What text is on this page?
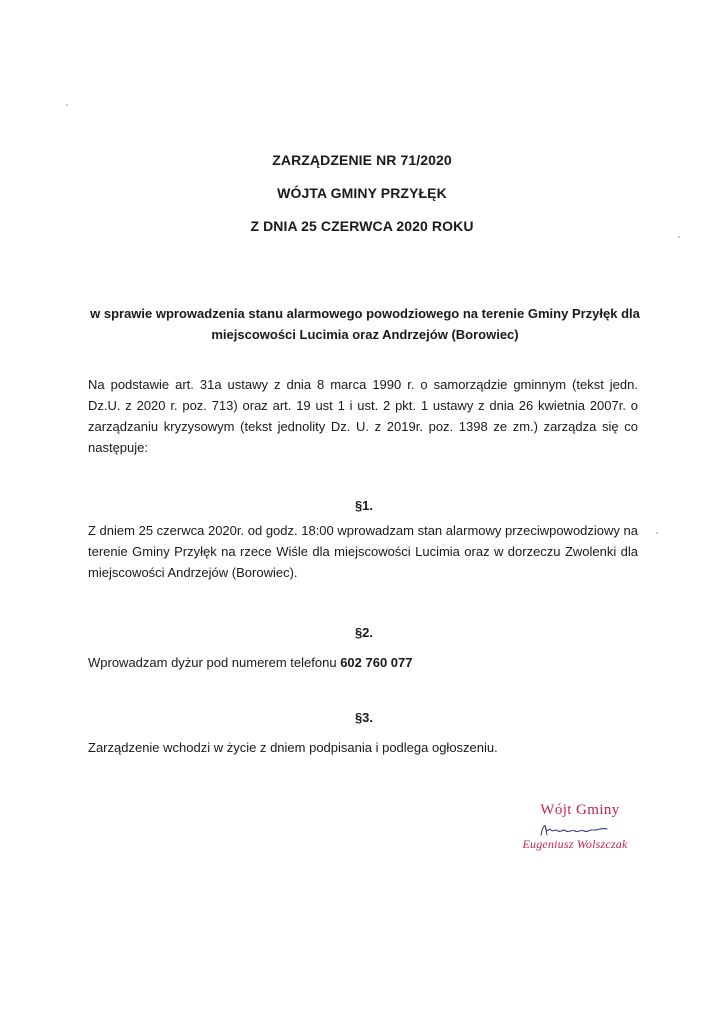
ZARZĄDZENIE NR 71/2020
WÓJTA GMINY PRZYŁĘK
Z DNIA 25 CZERWCA 2020 ROKU
w sprawie wprowadzenia stanu alarmowego powodziowego na terenie Gminy Przyłęk dla miejscowości Lucimia oraz Andrzejów (Borowiec)
Na podstawie art. 31a ustawy z dnia 8 marca 1990 r. o samorządzie gminnym (tekst jedn. Dz.U. z 2020 r. poz. 713) oraz art. 19 ust 1 i ust. 2 pkt. 1 ustawy z dnia 26 kwietnia 2007r. o zarządzaniu kryzysowym (tekst jednolity Dz. U. z 2019r. poz. 1398 ze zm.) zarządza się co następuje:
§1.
Z dniem 25 czerwca 2020r. od godz. 18:00 wprowadzam stan alarmowy przeciwpowodziowy na terenie Gminy Przyłęk na rzece Wiśle dla miejscowości Lucimia oraz w dorzeczu Zwolenki dla miejscowości Andrzejów (Borowiec).
§2.
Wprowadzam dyżur pod numerem telefonu 602 760 077
§3.
Zarządzenie wchodzi w życie z dniem podpisania i podlega ogłoszeniu.
Wójt Gminy
Eugeniusz Wolszczak
